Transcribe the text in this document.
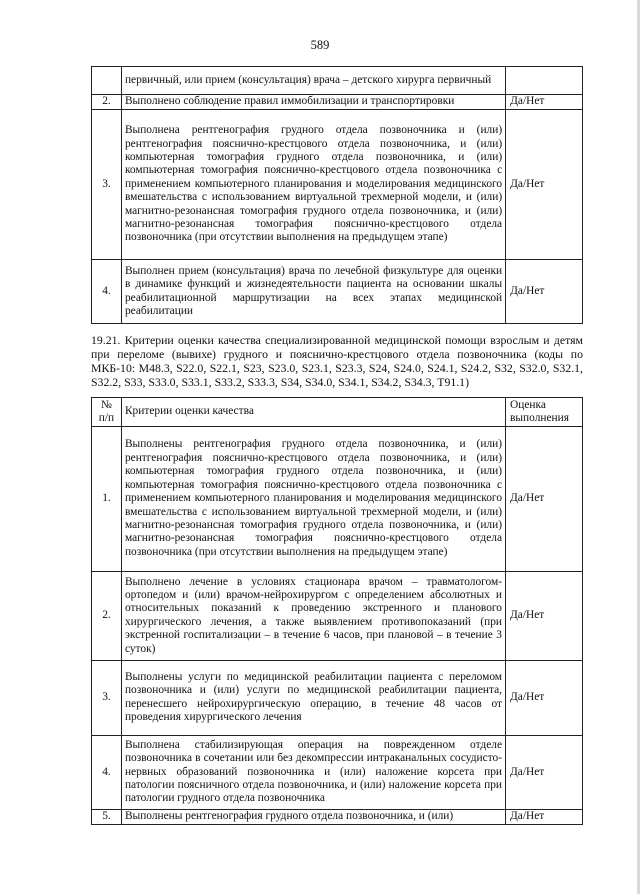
589
	первичный, или прием (консультация) врача – детского хирурга первичный	
2.	Выполнено соблюдение правил иммобилизации и транспортировки	Да/Нет
3.	Выполнена рентгенография грудного отдела позвоночника и (или) рентгенография пояснично-крестцового отдела позвоночника, и (или) компьютерная томография грудного отдела позвоночника, и (или) компьютерная томография пояснично-крестцового отдела позвоночника с применением компьютерного планирования и моделирования медицинского вмешательства с использованием виртуальной трехмерной модели, и (или) магнитно-резонансная томография грудного отдела позвоночника, и (или) магнитно-резонансная томография пояснично-крестцового отдела позвоночника (при отсутствии выполнения на предыдущем этапе)	Да/Нет
4.	Выполнен прием (консультация) врача по лечебной физкультуре для оценки в динамике функций и жизнедеятельности пациента на основании шкалы реабилитационной маршрутизации на всех этапах медицинской реабилитации	Да/Нет
19.21. Критерии оценки качества специализированной медицинской помощи взрослым и детям при переломе (вывихе) грудного и пояснично-крестцового отдела позвоночника (коды по МКБ-10: M48.3, S22.0, S22.1, S23, S23.0, S23.1, S23.3, S24, S24.0, S24.1, S24.2, S32, S32.0, S32.1, S32.2, S33, S33.0, S33.1, S33.2, S33.3, S34, S34.0, S34.1, S34.2, S34.3, T91.1)
№ п/п	Критерии оценки качества	Оценка выполнения
1.	Выполнены рентгенография грудного отдела позвоночника, и (или) рентгенография пояснично-крестцового отдела позвоночника, и (или) компьютерная томография грудного отдела позвоночника, и (или) компьютерная томография пояснично-крестцового отдела позвоночника с применением компьютерного планирования и моделирования медицинского вмешательства с использованием виртуальной трехмерной модели, и (или) магнитно-резонансная томография грудного отдела позвоночника, и (или) магнитно-резонансная томография пояснично-крестцового отдела позвоночника (при отсутствии выполнения на предыдущем этапе)	Да/Нет
2.	Выполнено лечение в условиях стационара врачом – травматологом-ортопедом и (или) врачом-нейрохирургом с определением абсолютных и относительных показаний к проведению экстренного и планового хирургического лечения, а также выявлением противопоказаний (при экстренной госпитализации – в течение 6 часов, при плановой – в течение 3 суток)	Да/Нет
3.	Выполнены услуги по медицинской реабилитации пациента с переломом позвоночника и (или) услуги по медицинской реабилитации пациента, перенесшего нейрохирургическую операцию, в течение 48 часов от проведения хирургического лечения	Да/Нет
4.	Выполнена стабилизирующая операция на поврежденном отделе позвоночника в сочетании или без декомпрессии интраканальных сосудисто-нервных образований позвоночника и (или) наложение корсета при патологии поясничного отдела позвоночника, и (или) наложение корсета при патологии грудного отдела позвоночника	Да/Нет
5.	Выполнены рентгенография грудного отдела позвоночника, и (или)	Да/Нет
